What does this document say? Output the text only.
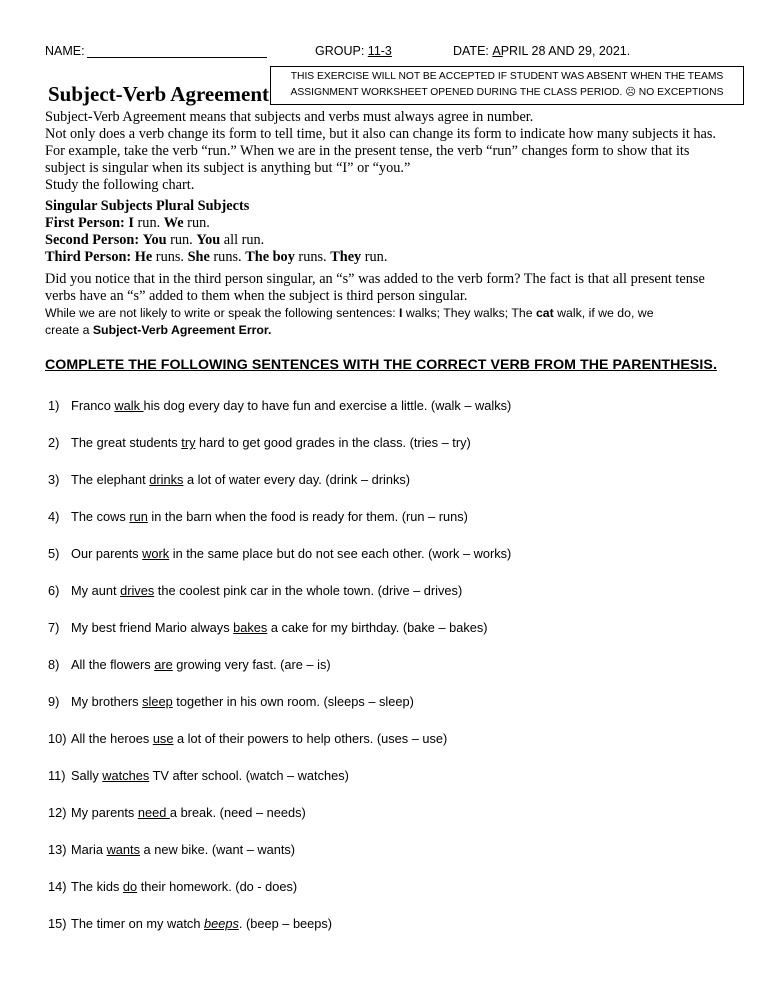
NAME:	GROUP: 11-3	DATE: APRIL 28 AND 29, 2021.

Subject-Verb Agreement
THIS EXERCISE WILL NOT BE ACCEPTED IF STUDENT WAS ABSENT WHEN THE TEAMS
ASSIGNMENT WORKSHEET OPENED DURING THE CLASS PERIOD. ☹ NO EXCEPTIONS

Subject-Verb Agreement means that subjects and verbs must always agree in number.

Not only does a verb change its form to tell time, but it also can change its form to indicate how many subjects it has.

For example, take the verb “run.” When we are in the present tense, the verb “run” changes form to show that its

subject is singular when its subject is anything but “I” or “you.”

Study the following chart.

Singular Subjects Plural Subjects

First Person: I run. We run.

Second Person: You run. You all run.

Third Person: He runs. She runs. The boy runs. They run.

Did you notice that in the third person singular, an “s” was added to the verb form? The fact is that all present tense

verbs have an “s” added to them when the subject is third person singular.

While we are not likely to write or speak the following sentences: I walks; They walks; The cat walk, if we do, we

create a Subject-Verb Agreement Error.

COMPLETE THE FOLLOWING SENTENCES WITH THE CORRECT VERB FROM THE PARENTHESIS.
1) Franco walk his dog every day to have fun and exercise a little. (walk – walks)
2) The great students try hard to get good grades in the class. (tries – try)
3) The elephant drinks a lot of water every day. (drink – drinks)
4) The cows run in the barn when the food is ready for them. (run – runs)
5) Our parents work in the same place but do not see each other. (work – works)
6) My aunt drives the coolest pink car in the whole town. (drive – drives)
7) My best friend Mario always bakes a cake for my birthday. (bake – bakes)
8) All the flowers are growing very fast. (are – is)
9) My brothers sleep together in his own room. (sleeps – sleep)
10) All the heroes use a lot of their powers to help others. (uses – use)
11) Sally watches TV after school. (watch – watches)
12) My parents need a break. (need – needs)
13) Maria wants a new bike. (want – wants)
14) The kids do their homework. (do - does)
15) The timer on my watch beeps. (beep – beeps)
